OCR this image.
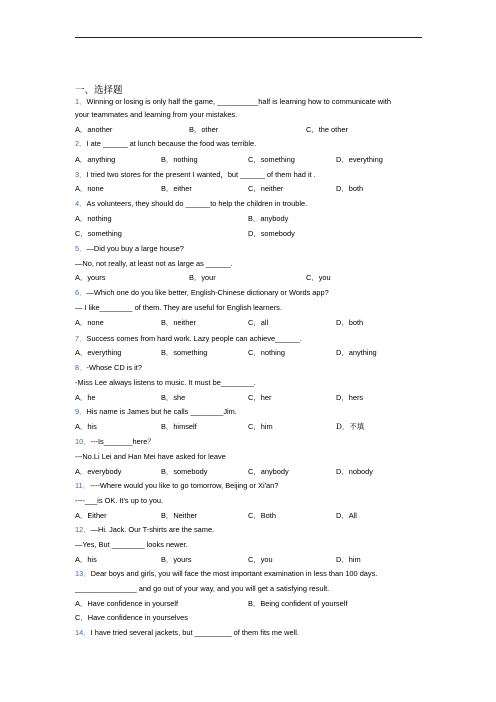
一、选择题
1．Winning or losing is only half the game, __________half is learning how to communicate with
your teammates and learning from your mistakes.
A．another	B．other	C．the other
2．I ate ______ at lunch because the food was terrible.
A．anything	B．nothing	C．something	D．everything
3．I tried two stores for the present I wanted，but ______ of them had it .
A．none	B．either	C．neither	D．both
4．As volunteers, they should do ______to help the children in trouble.
A．nothing	B．anybody
C．something	D．somebody
5．—Did you buy a large house?
—No, not really, at least not as large as ______.
A．yours	B．your	C．you
6．—Which one do you like better, English-Chinese dictionary or Words app?
— I like________ of them. They are useful for English learners.
A．none	B．neither	C．all	D．both
7．Success comes from hard work. Lazy people can achieve______.
A．everything	B．something	C．nothing	D．anything
8．-Whose CD is it?
-Miss Lee always listens to music. It must be________.
A．he	B．she	C．her	D．hers
9．His name is James but he calls ________Jim.
A．his	B．himself	C．him	D．不填
10．---Is_______here？
---No.Li Lei and Han Mei have asked for leave
A．everybody	B．somebody	C．anybody	D．nobody
11．----Where would you like to go tomorrow, Beijing or Xi'an?
----___is OK. It's up to you.
A．Either	B．Neither	C．Both	D．All
12．—Hi. Jack. Our T-shirts are the same.
—Yes, But ________ looks newer.
A．his	B．yours	C．you	D．him
13．Dear boys and girls, you will face the most important examination in less than 100 days.
_______________ and go out of your way, and you will get a satisfying result.
A．Have confidence in yourself	B．Being confident of yourself
C．Have confidence in yourselves
14．I have tried several jackets, but _________ of them fits me well.
